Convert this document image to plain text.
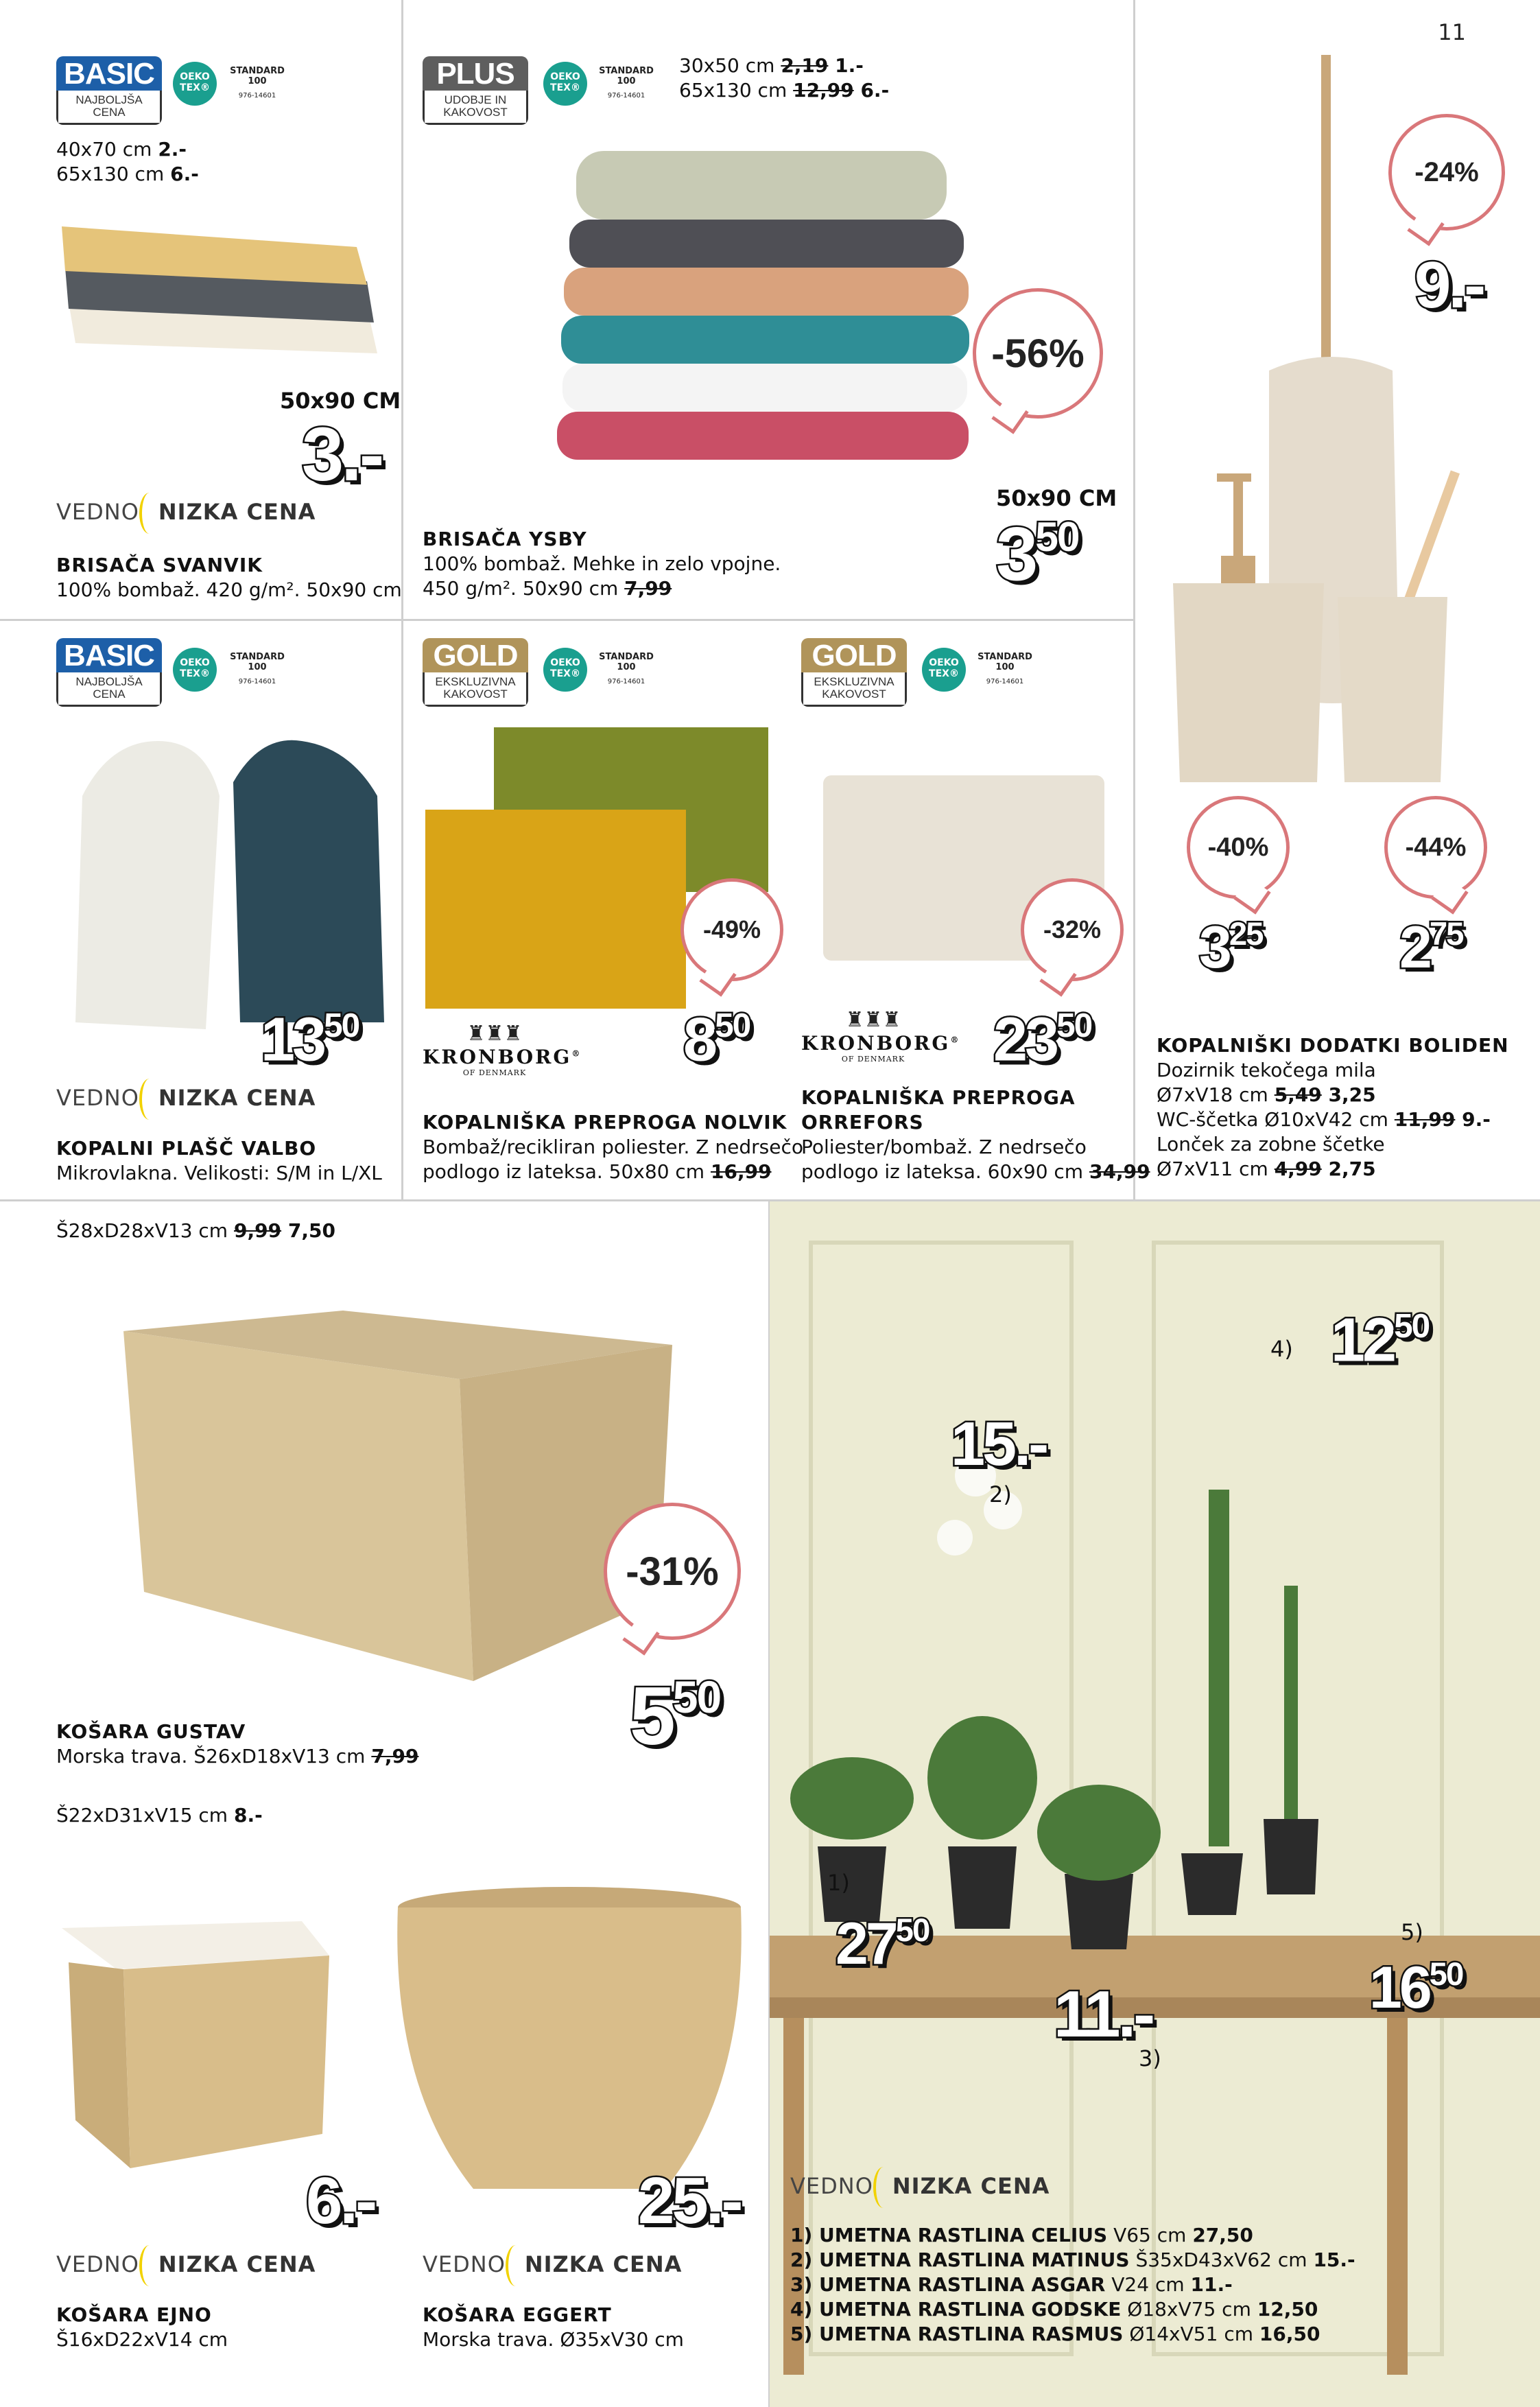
11
BASIC
NAJBOLJŠA CENA
OEKO TEX®
STANDARD 100
976-14601
40x70 cm 2.-
65x130 cm 6.-
50x90 CM
3.-
VEDNO NIZKA CENA
BRISAČA SVANVIK
100% bombaž. 420 g/m². 50x90 cm
PLUS
UDOBJE IN KAKOVOST
OEKO TEX®
STANDARD 100
976-14601
30x50 cm 2,19 1.-
65x130 cm 12,99 6.-
-56%
50x90 CM
$3^{50}$
BRISAČA YSBY
100% bombaž. Mehke in zelo vpojne.
450 g/m². 50x90 cm 7,99
-24%
9.-
BASIC
NAJBOLJŠA CENA
OEKO TEX®
STANDARD 100
976-14601
$13^{50}$
VEDNO NIZKA CENA
KOPALNI PLAŠČ VALBO
Mikrovlakna. Velikosti: S/M in L/XL
GOLD
EKSKLUZIVNA KAKOVOST
OEKO TEX®
STANDARD 100
976-14601
-49%
$8^{50}$
♜♜♜
KRONBORG®
OF DENMARK
KOPALNIŠKA PREPROGA NOLVIK
Bombaž/recikliran poliester. Z nedrsečo
podlogo iz lateksa. 50x80 cm 16,99
GOLD
EKSKLUZIVNA KAKOVOST
OEKO TEX®
STANDARD 100
976-14601
-32%
$23^{50}$
♜♜♜
KRONBORG®
OF DENMARK
KOPALNIŠKA PREPROGA
ORREFORS
Poliester/bombaž. Z nedrsečo
podlogo iz lateksa. 60x90 cm 34,99
-40%	-44%
$3^{25}$ $2^{75}$
KOPALNIŠKI DODATKI BOLIDEN
Dozirnik tekočega mila
Ø7xV18 cm 5,49 3,25
WC-ščetka Ø10xV42 cm 11,99 9.-
Lonček za zobne ščetke
Ø7xV11 cm 4,99 2,75
Š28xD28xV13 cm 9,99 7,50
-31%
$5^{50}$
KOŠARA GUSTAV
Morska trava. Š26xD18xV13 cm 7,99
Š22xD31xV15 cm 8.-
6.-
VEDNO NIZKA CENA
KOŠARA EJNO
Š16xD22xV14 cm
25.-
VEDNO NIZKA CENA
KOŠARA EGGERT
Morska trava. Ø35xV30 cm
4) $12^{50}$
15.-
2)
1)
$27^{50}$	5)
$16^{50}$
11.-
3)
VEDNO NIZKA CENA
1) UMETNA RASTLINA CELIUS V65 cm 27,50
2) UMETNA RASTLINA MATINUS Š35xD43xV62 cm 15.-
3) UMETNA RASTLINA ASGAR V24 cm 11.-
4) UMETNA RASTLINA GODSKE Ø18xV75 cm 12,50
5) UMETNA RASTLINA RASMUS Ø14xV51 cm 16,50
